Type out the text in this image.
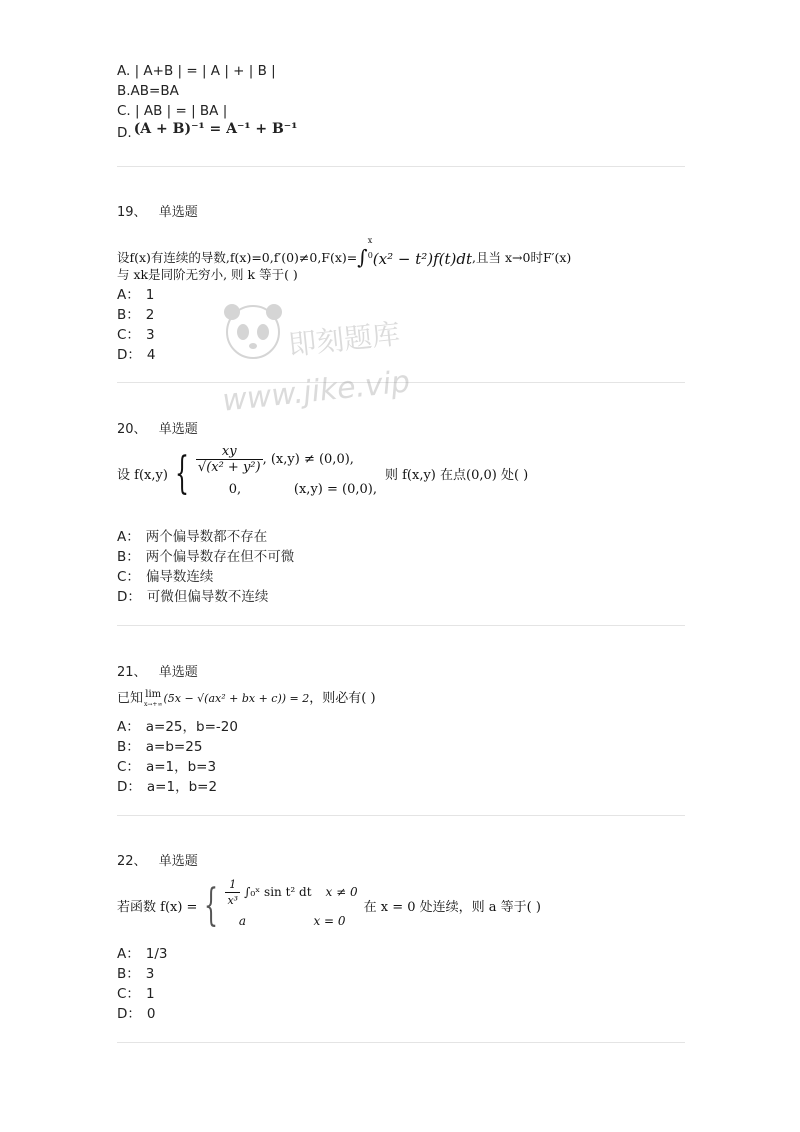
A. | A+B | = | A | + | B |
B.AB=BA
C. | AB | = | BA |
D. (A + B)⁻¹ = A⁻¹ + B⁻¹
19、 单选题
设f(x)有连续的导数,f(x)=0,f′(0)≠0,F(x)=∫
x
0 (x² − t²)f(t)dt,且当 x→0时F′(x)
与 xk是同阶无穷小, 则 k 等于( )
A： 1
B： 2
C： 3
D： 4
20、 单选题
设 f(x,y) { $\frac{xy}{\text{√(x² + y²)}}$ , (x,y) ≠ (0,0),
0,	(x,y) = (0,0),
则 f(x,y) 在点(0,0) 处( )
A： 两个偏导数都不存在
B： 两个偏导数存在但不可微
C： 偏导数连续
D： 可微但偏导数不连续
21、 单选题
已知 lim
x→+∞ (5x − √(ax² + bx + c)) = 2，则必有( )
A： a=25，b=-20
B： a=b=25
C： a=1，b=3
D： a=1，b=2
22、 单选题
若函数 f(x) = { $\frac{1}{\text{x³}}$ ∫₀ˣ sin t² dt x ≠ 0
a	x = 0
在 x = 0 处连续，则 a 等于( )
A： 1/3
B： 3
C： 1
D： 0
即刻题库
www.jike.vip
